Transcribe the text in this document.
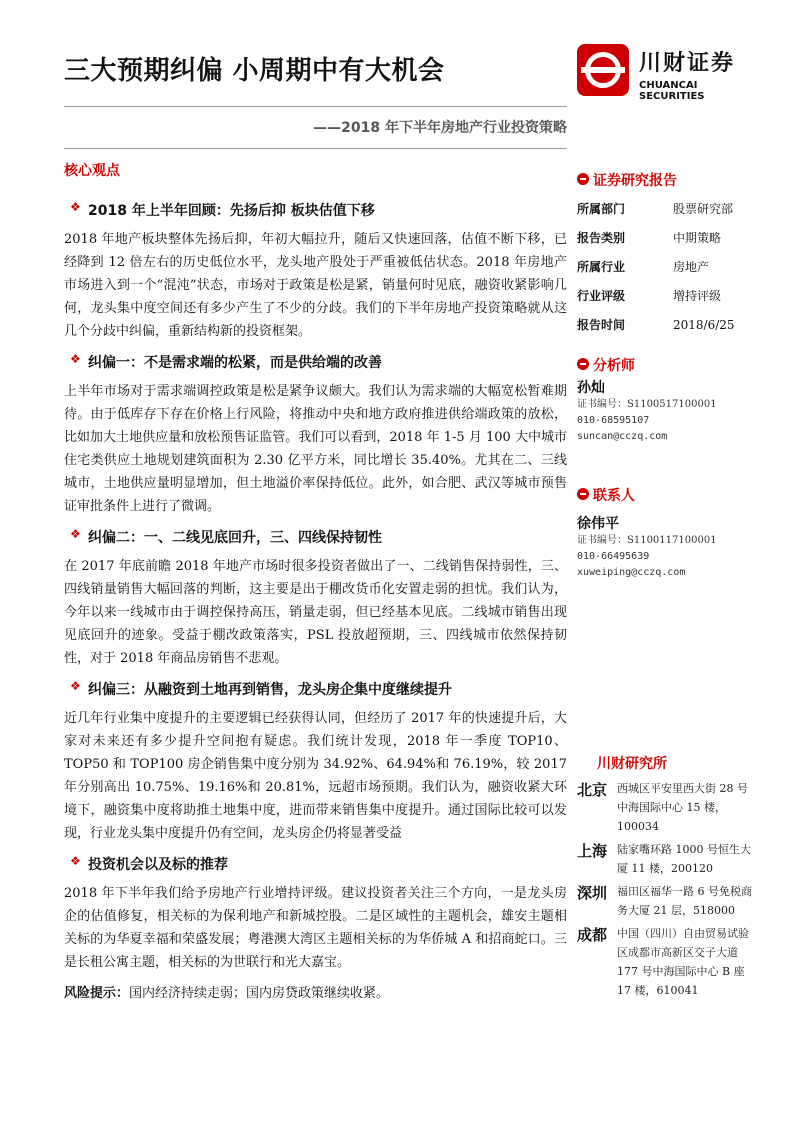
三大预期纠偏 小周期中有大机会
——2018 年下半年房地产行业投资策略
川财证券
CHUANCAI SECURITIES
核心观点
❖ 2018 年上半年回顾：先扬后抑 板块估值下移
2018 年地产板块整体先扬后抑，年初大幅拉升，随后又快速回落，估值不断下移，已经降到 12 倍左右的历史低位水平，龙头地产股处于严重被低估状态。2018 年房地产市场进入到一个“混沌”状态，市场对于政策是松是紧，销量何时见底，融资收紧影响几何，龙头集中度空间还有多少产生了不少的分歧。我们的下半年房地产投资策略就从这几个分歧中纠偏，重新结构新的投资框架。
❖ 纠偏一：不是需求端的松紧，而是供给端的改善
上半年市场对于需求端调控政策是松是紧争议颇大。我们认为需求端的大幅宽松暂难期待。由于低库存下存在价格上行风险，将推动中央和地方政府推进供给端政策的放松，比如加大土地供应量和放松预售证监管。我们可以看到，2018 年 1-5 月 100 大中城市住宅类供应土地规划建筑面积为 2.30 亿平方米，同比增长 35.40%。尤其在二、三线城市，土地供应量明显增加，但土地溢价率保持低位。此外，如合肥、武汉等城市预售证审批条件上进行了微调。
❖ 纠偏二：一、二线见底回升，三、四线保持韧性
在 2017 年底前瞻 2018 年地产市场时很多投资者做出了一、二线销售保持弱性，三、四线销量销售大幅回落的判断，这主要是出于棚改货币化安置走弱的担忧。我们认为，今年以来一线城市由于调控保持高压，销量走弱，但已经基本见底。二线城市销售出现见底回升的迹象。受益于棚改政策落实，PSL 投放超预期，三、四线城市依然保持韧性，对于 2018 年商品房销售不悲观。
❖ 纠偏三：从融资到土地再到销售，龙头房企集中度继续提升
近几年行业集中度提升的主要逻辑已经获得认同，但经历了 2017 年的快速提升后，大家对未来还有多少提升空间抱有疑虑。我们统计发现，2018 年一季度 TOP10、TOP50 和 TOP100 房企销售集中度分别为 34.92%、64.94%和 76.19%，较 2017 年分别高出 10.75%、19.16%和 20.81%，远超市场预期。我们认为，融资收紧大环境下，融资集中度将助推土地集中度，进而带来销售集中度提升。通过国际比较可以发现，行业龙头集中度提升仍有空间，龙头房企仍将显著受益
❖ 投资机会以及标的推荐
2018 年下半年我们给予房地产行业增持评级。建议投资者关注三个方向，一是龙头房企的估值修复，相关标的为保利地产和新城控股。二是区域性的主题机会，雄安主题相关标的为华夏幸福和荣盛发展；粤港澳大湾区主题相关标的为华侨城 A 和招商蛇口。三是长租公寓主题，相关标的为世联行和光大嘉宝。
风险提示：国内经济持续走弱；国内房贷政策继续收紧。
证券研究报告
所属部门	股票研究部
报告类别	中期策略
所属行业	房地产
行业评级	增持评级
报告时间	2018/6/25
分析师
孙灿
证书编号：S1100517100001
010-68595107
suncan@cczq.com
联系人
徐伟平
证书编号：S1100117100001
010-66495639
xuweiping@cczq.com
川财研究所
北京 西城区平安里西大街 28 号中海国际中心 15 楼，100034
上海 陆家嘴环路 1000 号恒生大厦 11 楼，200120
深圳 福田区福华一路 6 号免税商务大厦 21 层，518000
成都 中国（四川）自由贸易试验区成都市高新区交子大道 177 号中海国际中心 B 座 17 楼，610041
